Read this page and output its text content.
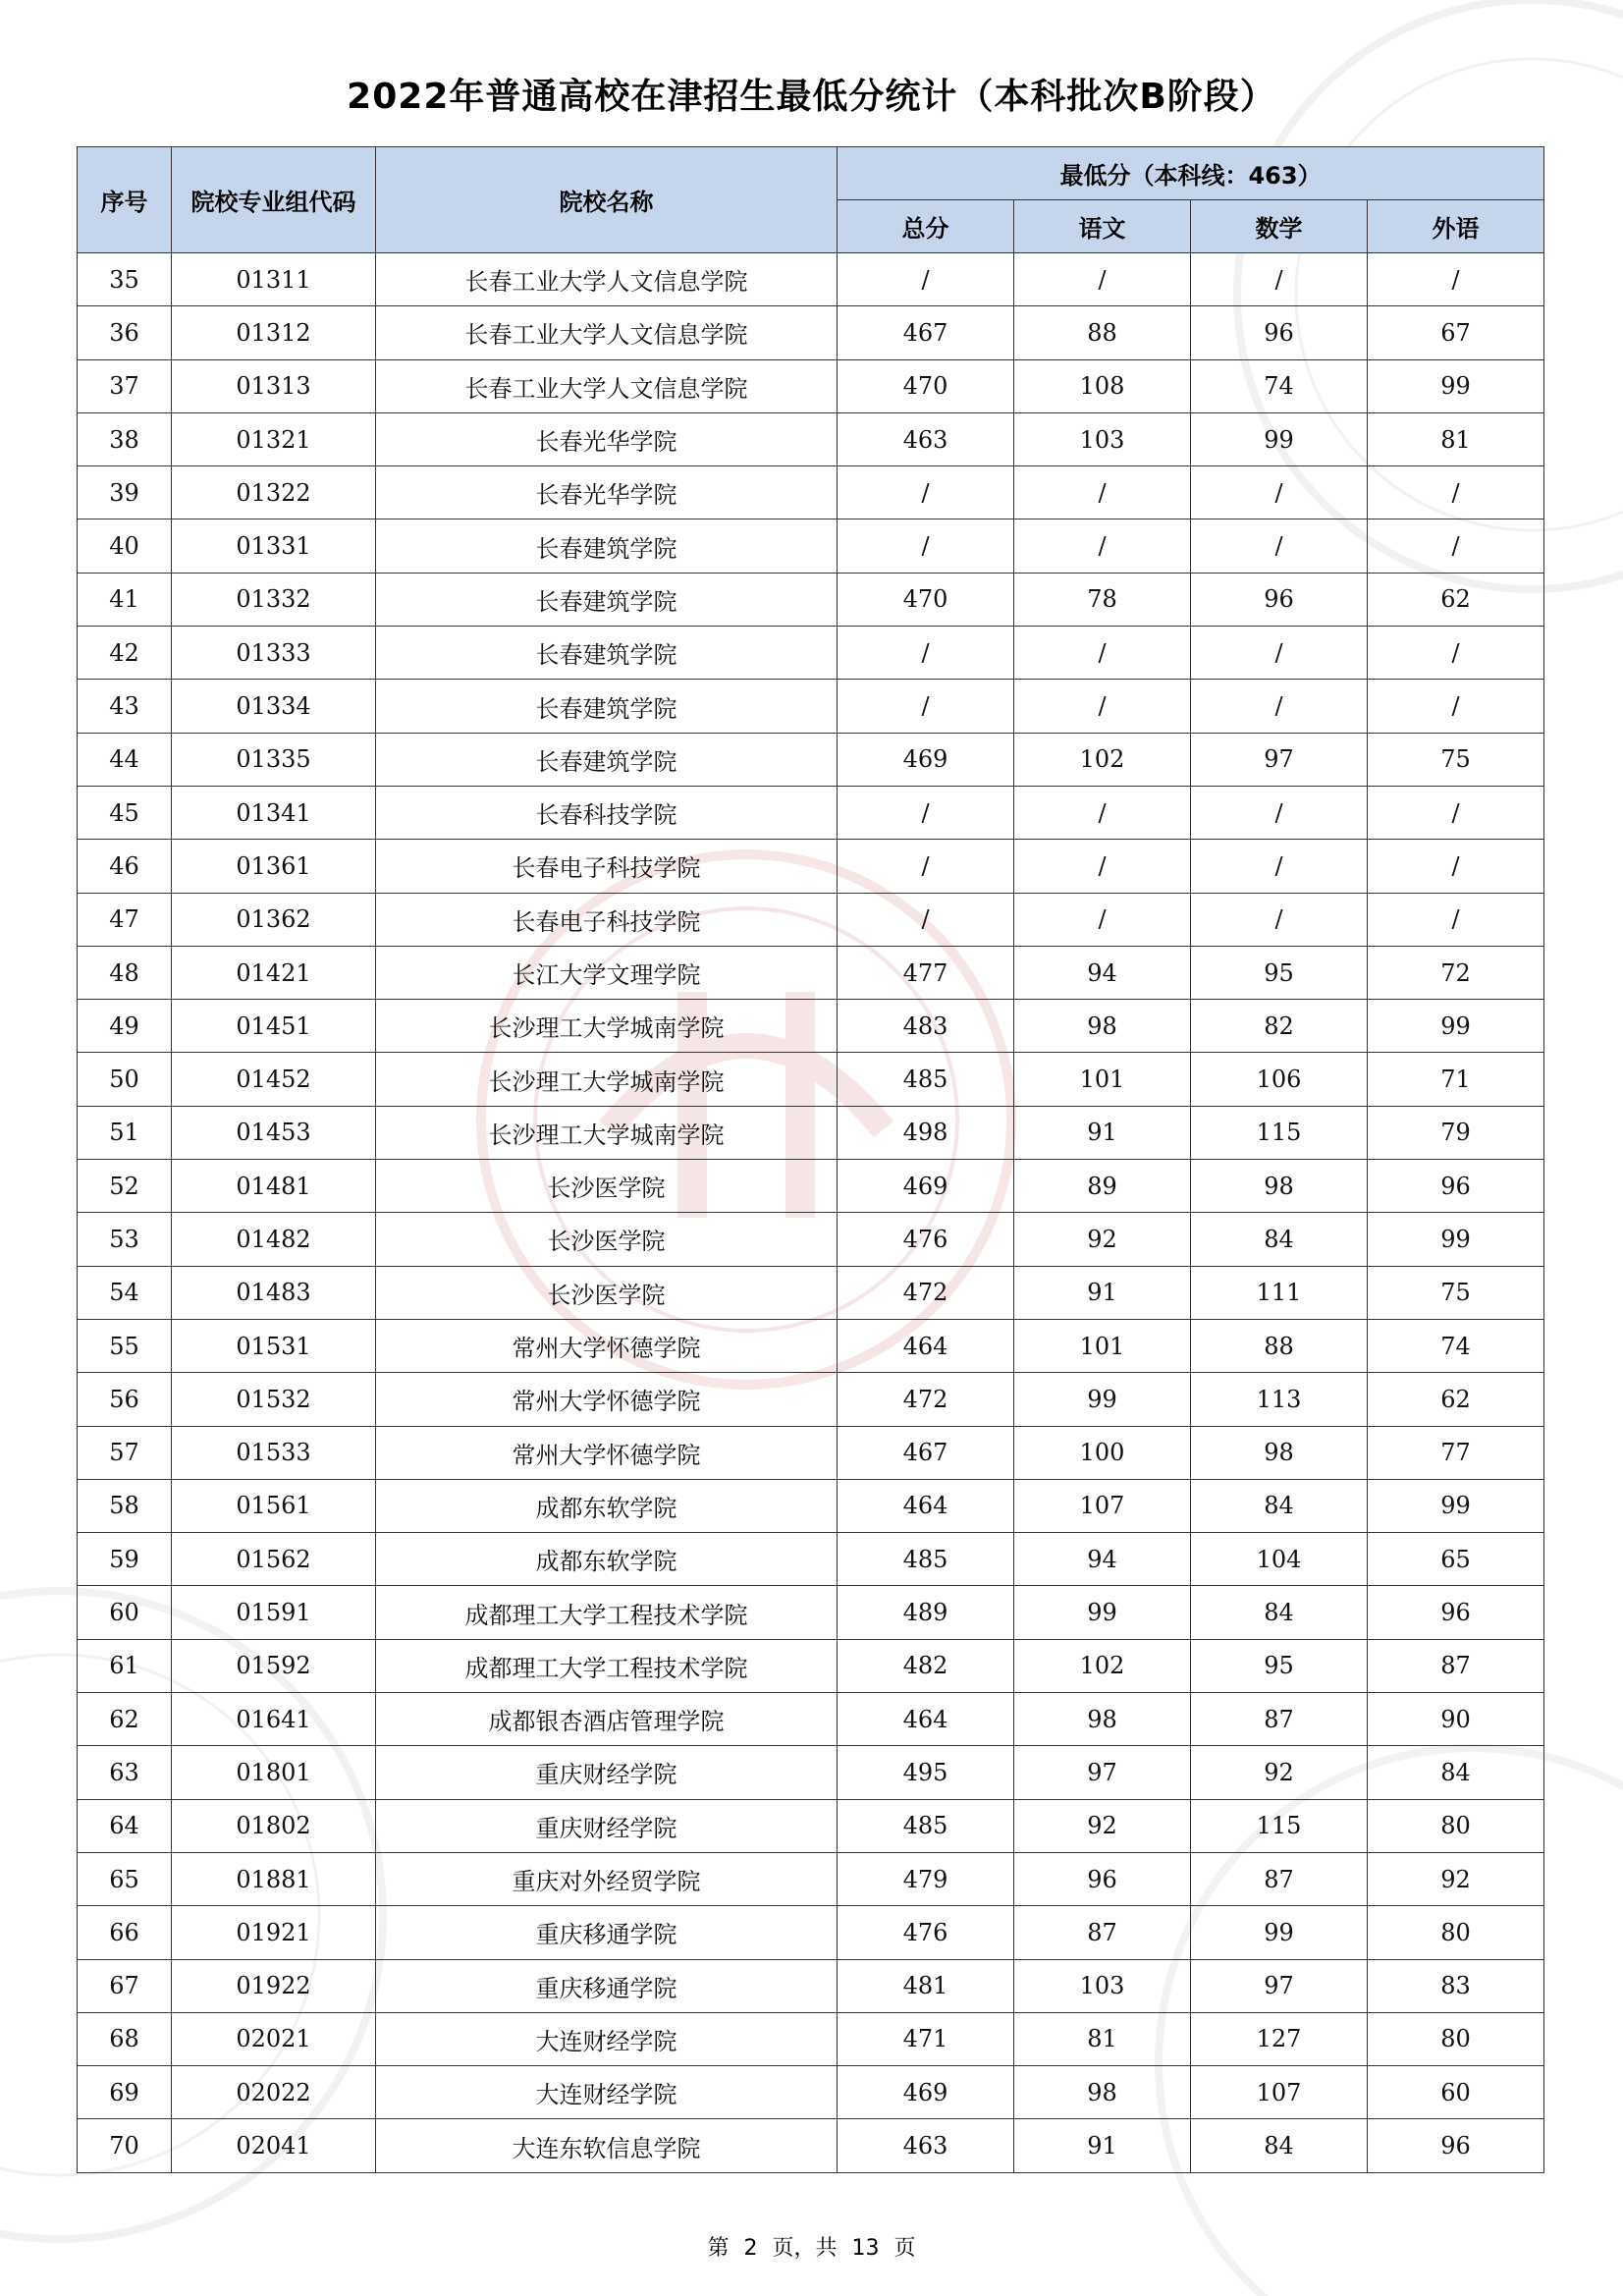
2022年普通高校在津招生最低分统计（本科批次B阶段）
序号	院校专业组代码	院校名称	最低分（本科线：463）			
			总分	语文	数学	外语
35	01311	长春工业大学人文信息学院	/	/	/	/
36	01312	长春工业大学人文信息学院	467	88	96	67
37	01313	长春工业大学人文信息学院	470	108	74	99
38	01321	长春光华学院	463	103	99	81
39	01322	长春光华学院	/	/	/	/
40	01331	长春建筑学院	/	/	/	/
41	01332	长春建筑学院	470	78	96	62
42	01333	长春建筑学院	/	/	/	/
43	01334	长春建筑学院	/	/	/	/
44	01335	长春建筑学院	469	102	97	75
45	01341	长春科技学院	/	/	/	/
46	01361	长春电子科技学院	/	/	/	/
47	01362	长春电子科技学院	/	/	/	/
48	01421	长江大学文理学院	477	94	95	72
49	01451	长沙理工大学城南学院	483	98	82	99
50	01452	长沙理工大学城南学院	485	101	106	71
51	01453	长沙理工大学城南学院	498	91	115	79
52	01481	长沙医学院	469	89	98	96
53	01482	长沙医学院	476	92	84	99
54	01483	长沙医学院	472	91	111	75
55	01531	常州大学怀德学院	464	101	88	74
56	01532	常州大学怀德学院	472	99	113	62
57	01533	常州大学怀德学院	467	100	98	77
58	01561	成都东软学院	464	107	84	99
59	01562	成都东软学院	485	94	104	65
60	01591	成都理工大学工程技术学院	489	99	84	96
61	01592	成都理工大学工程技术学院	482	102	95	87
62	01641	成都银杏酒店管理学院	464	98	87	90
63	01801	重庆财经学院	495	97	92	84
64	01802	重庆财经学院	485	92	115	80
65	01881	重庆对外经贸学院	479	96	87	92
66	01921	重庆移通学院	476	87	99	80
67	01922	重庆移通学院	481	103	97	83
68	02021	大连财经学院	471	81	127	80
69	02022	大连财经学院	469	98	107	60
70	02041	大连东软信息学院	463	91	84	96
第 2 页，共 13 页
